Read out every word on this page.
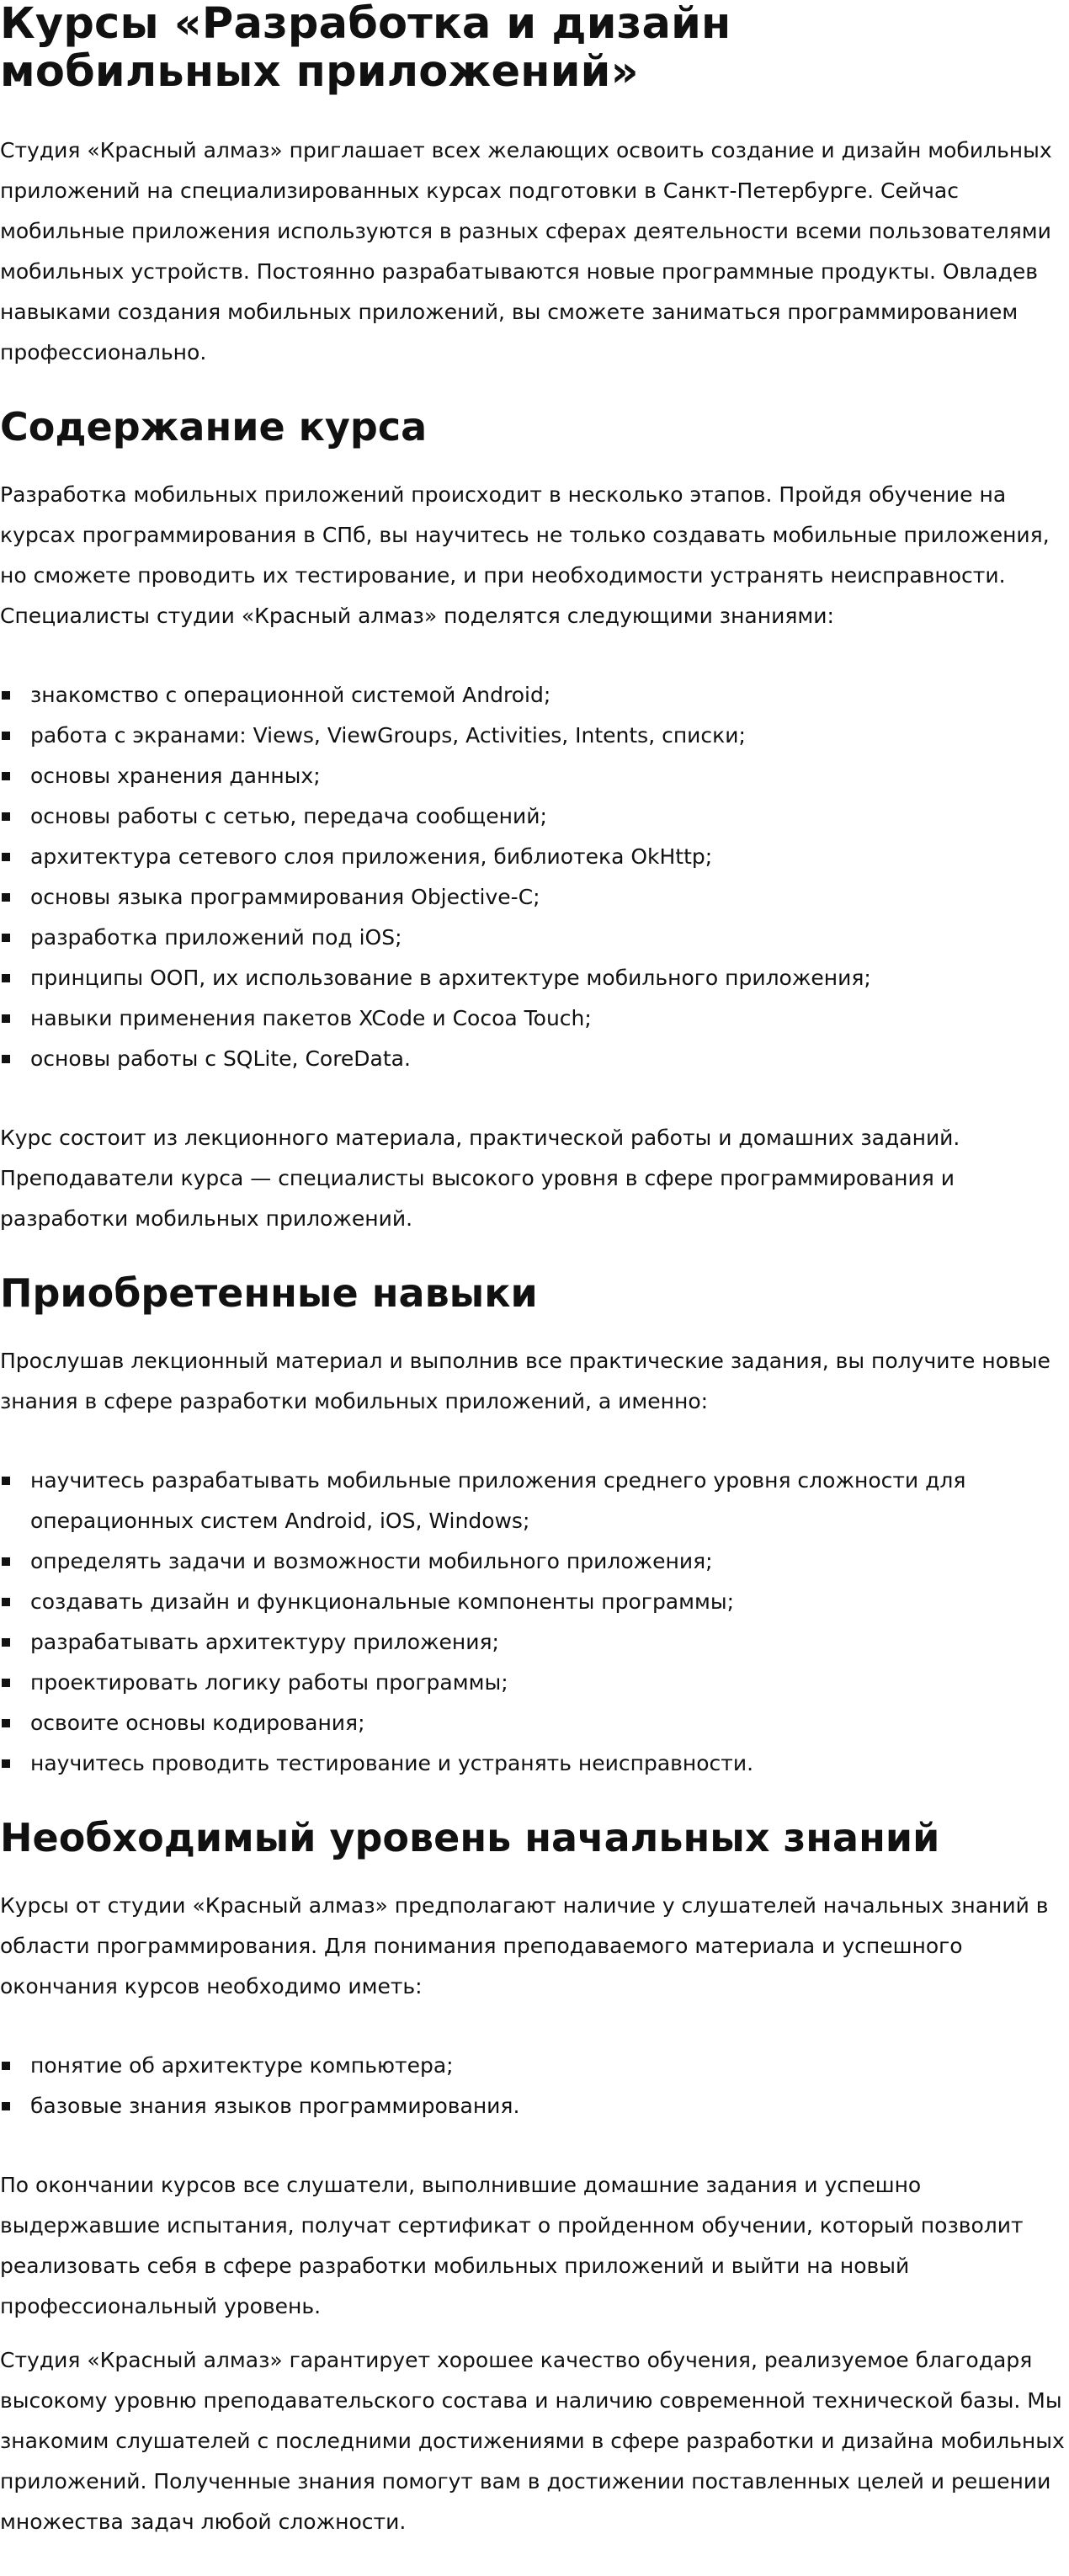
Курсы «Разработка и дизайн
мобильных приложений»

Студия «Красный алмаз» приглашает всех желающих освоить создание и дизайн мобильных приложений на специализированных курсах подготовки в Санкт-Петербурге. Сейчас мобильные приложения используются в разных сферах деятельности всеми пользователями мобильных устройств. Постоянно разрабатываются новые программные продукты. Овладев навыками создания мобильных приложений, вы сможете заниматься программированием профессионально.

Содержание курса

Разработка мобильных приложений происходит в несколько этапов. Пройдя обучение на курсах программирования в СПб, вы научитесь не только создавать мобильные приложения, но сможете проводить их тестирование, и при необходимости устранять неисправности. Специалисты студии «Красный алмаз» поделятся следующими знаниями:

знакомство с операционной системой Android;
работа с экранами: Views, ViewGroups, Activities, Intents, списки;
основы хранения данных;
основы работы с сетью, передача сообщений;
архитектура сетевого слоя приложения, библиотека OkHttp;
основы языка программирования Objective-C;
разработка приложений под iOS;
принципы ООП, их использование в архитектуре мобильного приложения;
навыки применения пакетов XCode и Cocoa Touch;
основы работы с SQLite, CoreData.

Курс состоит из лекционного материала, практической работы и домашних заданий. Преподаватели курса — специалисты высокого уровня в сфере программирования и разработки мобильных приложений.

Приобретенные навыки

Прослушав лекционный материал и выполнив все практические задания, вы получите новые знания в сфере разработки мобильных приложений, а именно:

научитесь разрабатывать мобильные приложения среднего уровня сложности для операционных систем Android, iOS, Windows;
определять задачи и возможности мобильного приложения;
создавать дизайн и функциональные компоненты программы;
разрабатывать архитектуру приложения;
проектировать логику работы программы;
освоите основы кодирования;
научитесь проводить тестирование и устранять неисправности.
Необходимый уровень начальных знаний

Курсы от студии «Красный алмаз» предполагают наличие у слушателей начальных знаний в области программирования. Для понимания преподаваемого материала и успешного окончания курсов необходимо иметь:

понятие об архитектуре компьютера;
базовые знания языков программирования.

По окончании курсов все слушатели, выполнившие домашние задания и успешно выдержавшие испытания, получат сертификат о пройденном обучении, который позволит реализовать себя в сфере разработки мобильных приложений и выйти на новый профессиональный уровень.

Студия «Красный алмаз» гарантирует хорошее качество обучения, реализуемое благодаря высокому уровню преподавательского состава и наличию современной технической базы. Мы знакомим слушателей с последними достижениями в сфере разработки и дизайна мобильных приложений. Полученные знания помогут вам в достижении поставленных целей и решении множества задач любой сложности.
